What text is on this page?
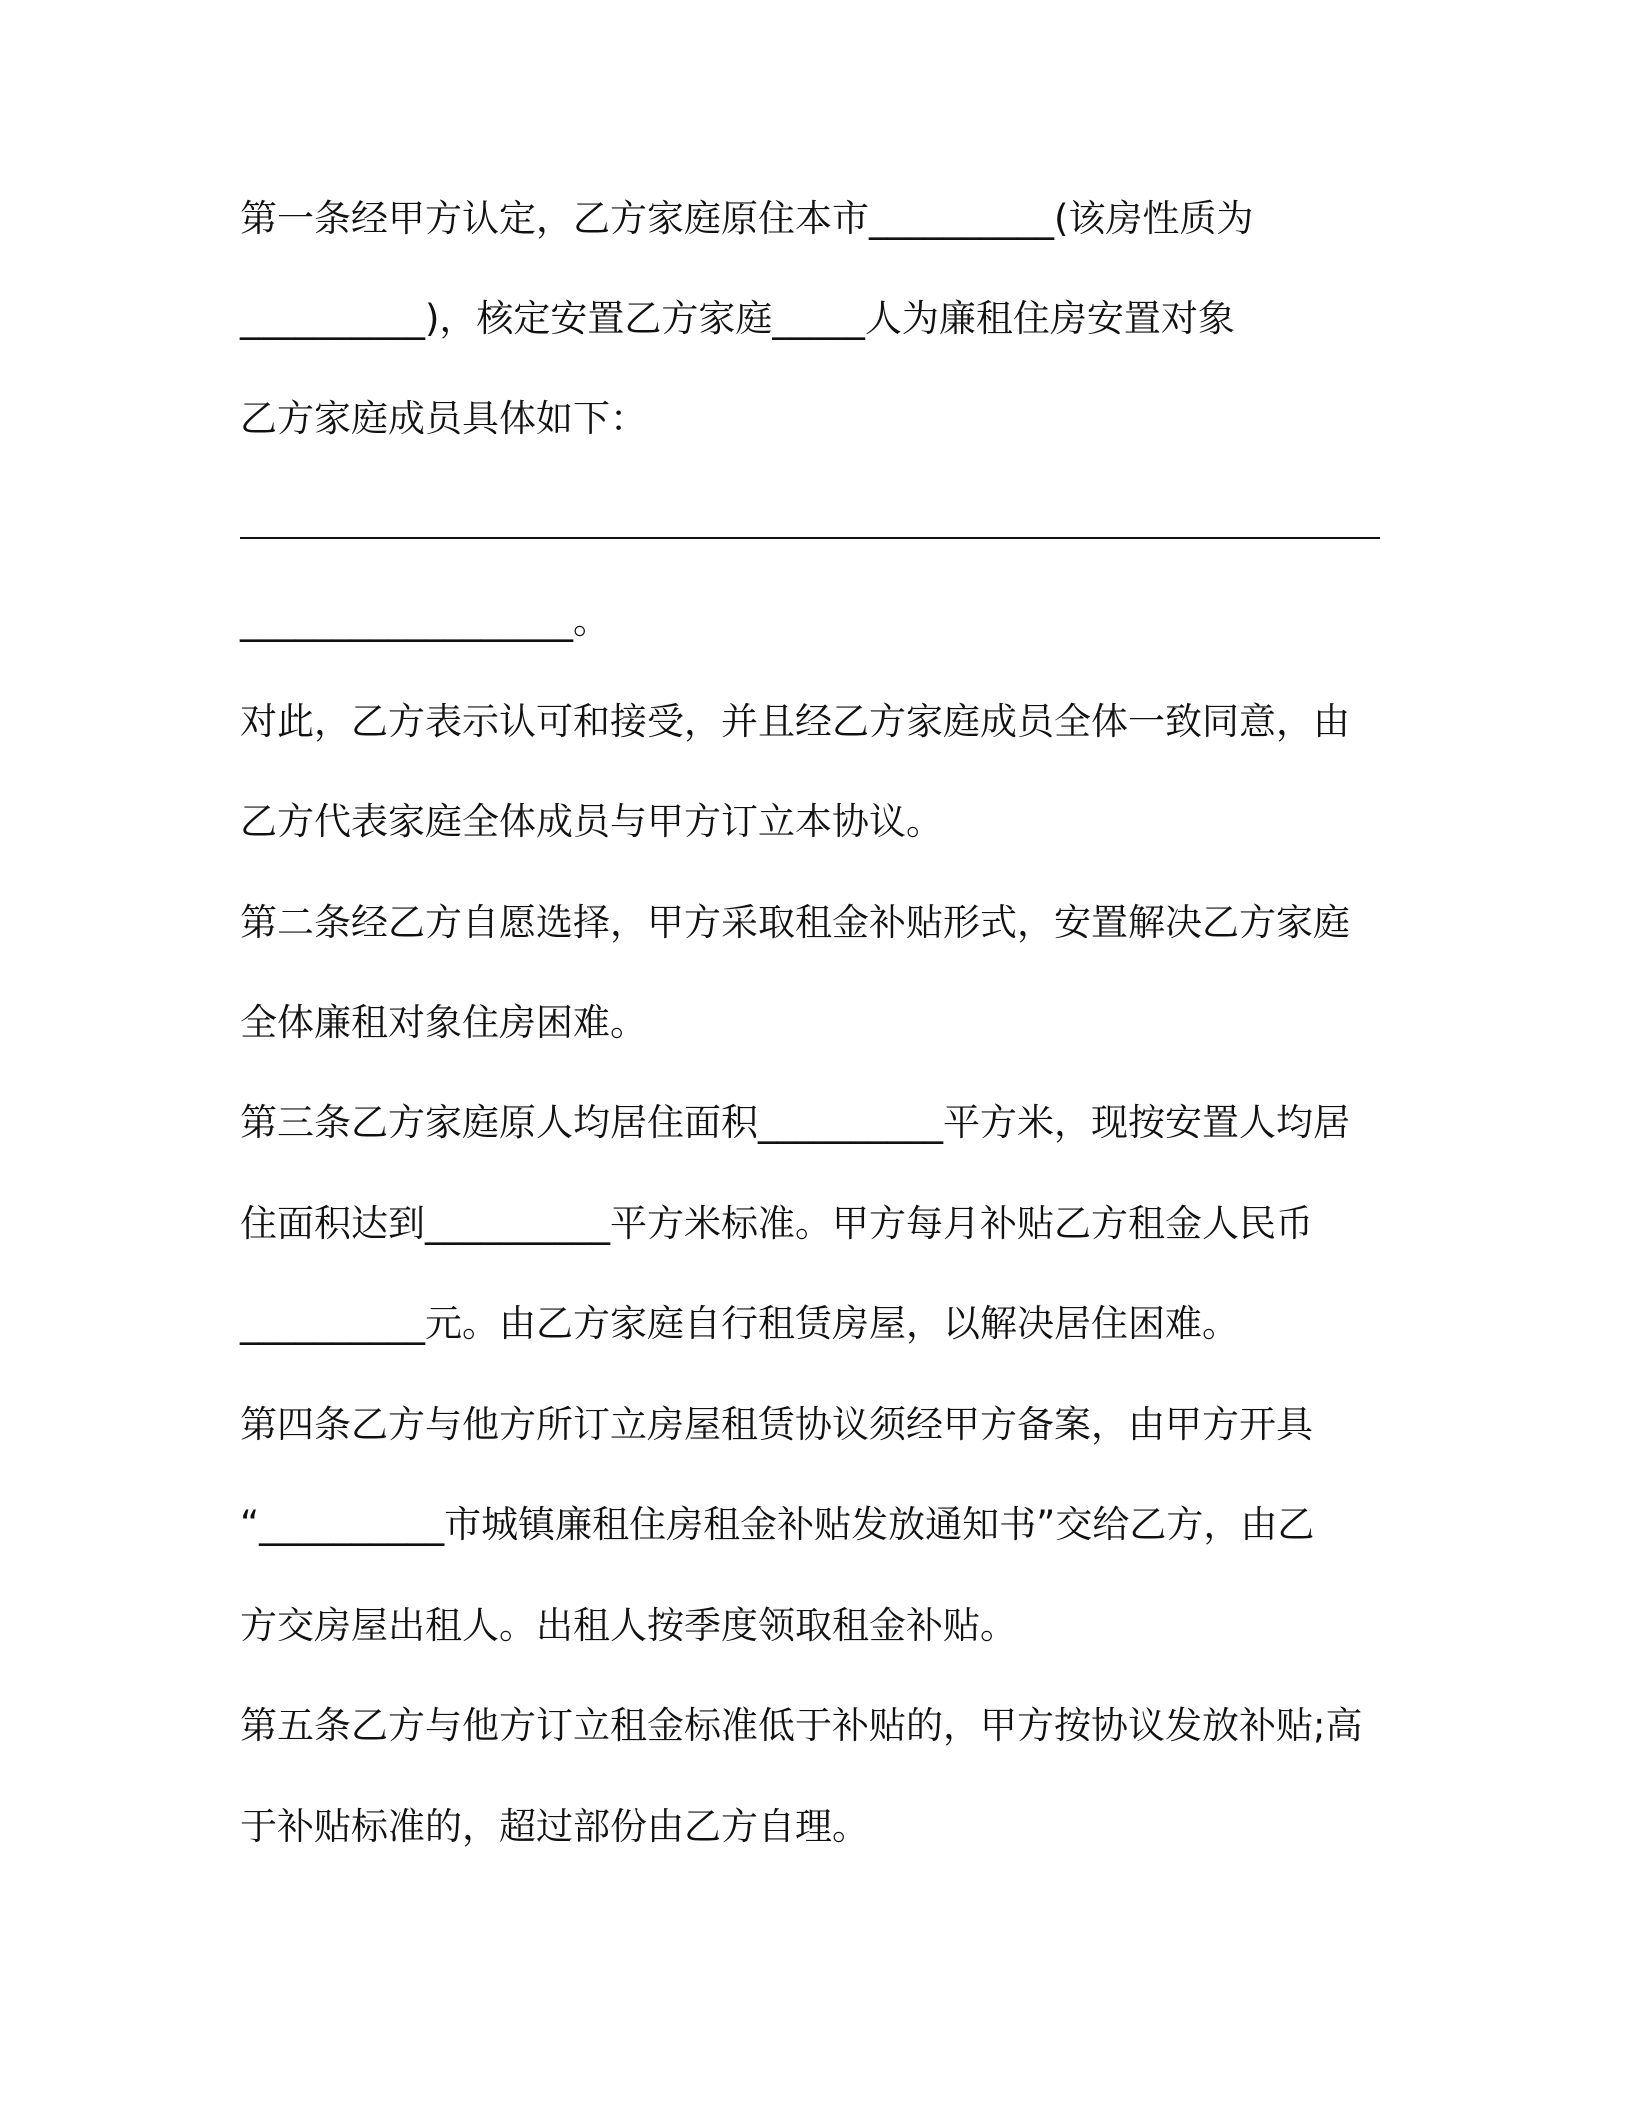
第一条经甲方认定，乙方家庭原住本市__________(该房性质为
__________)，核定安置乙方家庭_____人为廉租住房安置对象
乙方家庭成员具体如下：
__________________。
对此，乙方表示认可和接受，并且经乙方家庭成员全体一致同意，由
乙方代表家庭全体成员与甲方订立本协议。
第二条经乙方自愿选择，甲方采取租金补贴形式，安置解决乙方家庭
全体廉租对象住房困难。
第三条乙方家庭原人均居住面积__________平方米，现按安置人均居
住面积达到__________平方米标准。甲方每月补贴乙方租金人民币
__________元。由乙方家庭自行租赁房屋，以解决居住困难。
第四条乙方与他方所订立房屋租赁协议须经甲方备案，由甲方开具
“__________市城镇廉租住房租金补贴发放通知书”交给乙方，由乙
方交房屋出租人。出租人按季度领取租金补贴。
第五条乙方与他方订立租金标准低于补贴的，甲方按协议发放补贴;高
于补贴标准的，超过部份由乙方自理。
